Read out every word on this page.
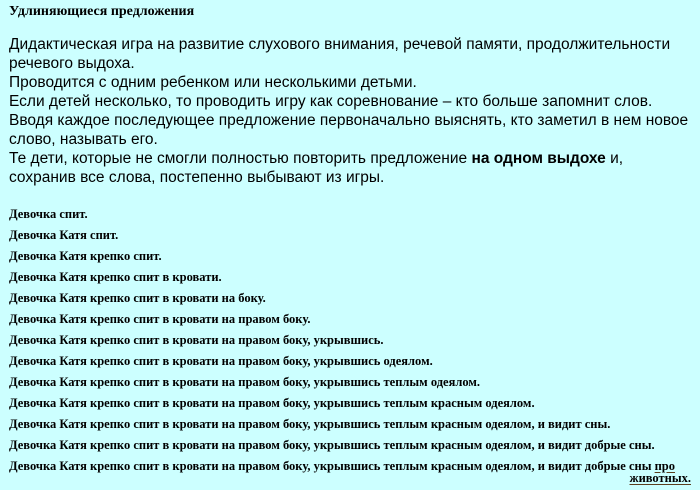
Удлиняющиеся предложения

Дидактическая игра на развитие слухового внимания, речевой памяти, продолжительности речевого выдоха.

Проводится с одним ребенком или несколькими детьми.

Если детей несколько, то проводить игру как соревнование – кто больше запомнит слов.

Вводя каждое последующее предложение первоначально выяснять, кто заметил в нем новое слово, называть его.

Те дети, которые не смогли полностью повторить предложение на одном выдохе и, сохранив все слова, постепенно выбывают из игры.

Девочка спит.
Девочка Катя спит.
Девочка Катя крепко спит.
Девочка Катя крепко спит в кровати.
Девочка Катя крепко спит в кровати на боку.
Девочка Катя крепко спит в кровати на правом боку.
Девочка Катя крепко спит в кровати на правом боку, укрывшись.
Девочка Катя крепко спит в кровати на правом боку, укрывшись одеялом.
Девочка Катя крепко спит в кровати на правом боку, укрывшись теплым одеялом.
Девочка Катя крепко спит в кровати на правом боку, укрывшись теплым красным одеялом.
Девочка Катя крепко спит в кровати на правом боку, укрывшись теплым красным одеялом, и видит сны.
Девочка Катя крепко спит в кровати на правом боку, укрывшись теплым красным одеялом, и видит добрые сны.
Девочка Катя крепко спит в кровати на правом боку, укрывшись теплым красным одеялом, и видит добрые сны про
животных.
